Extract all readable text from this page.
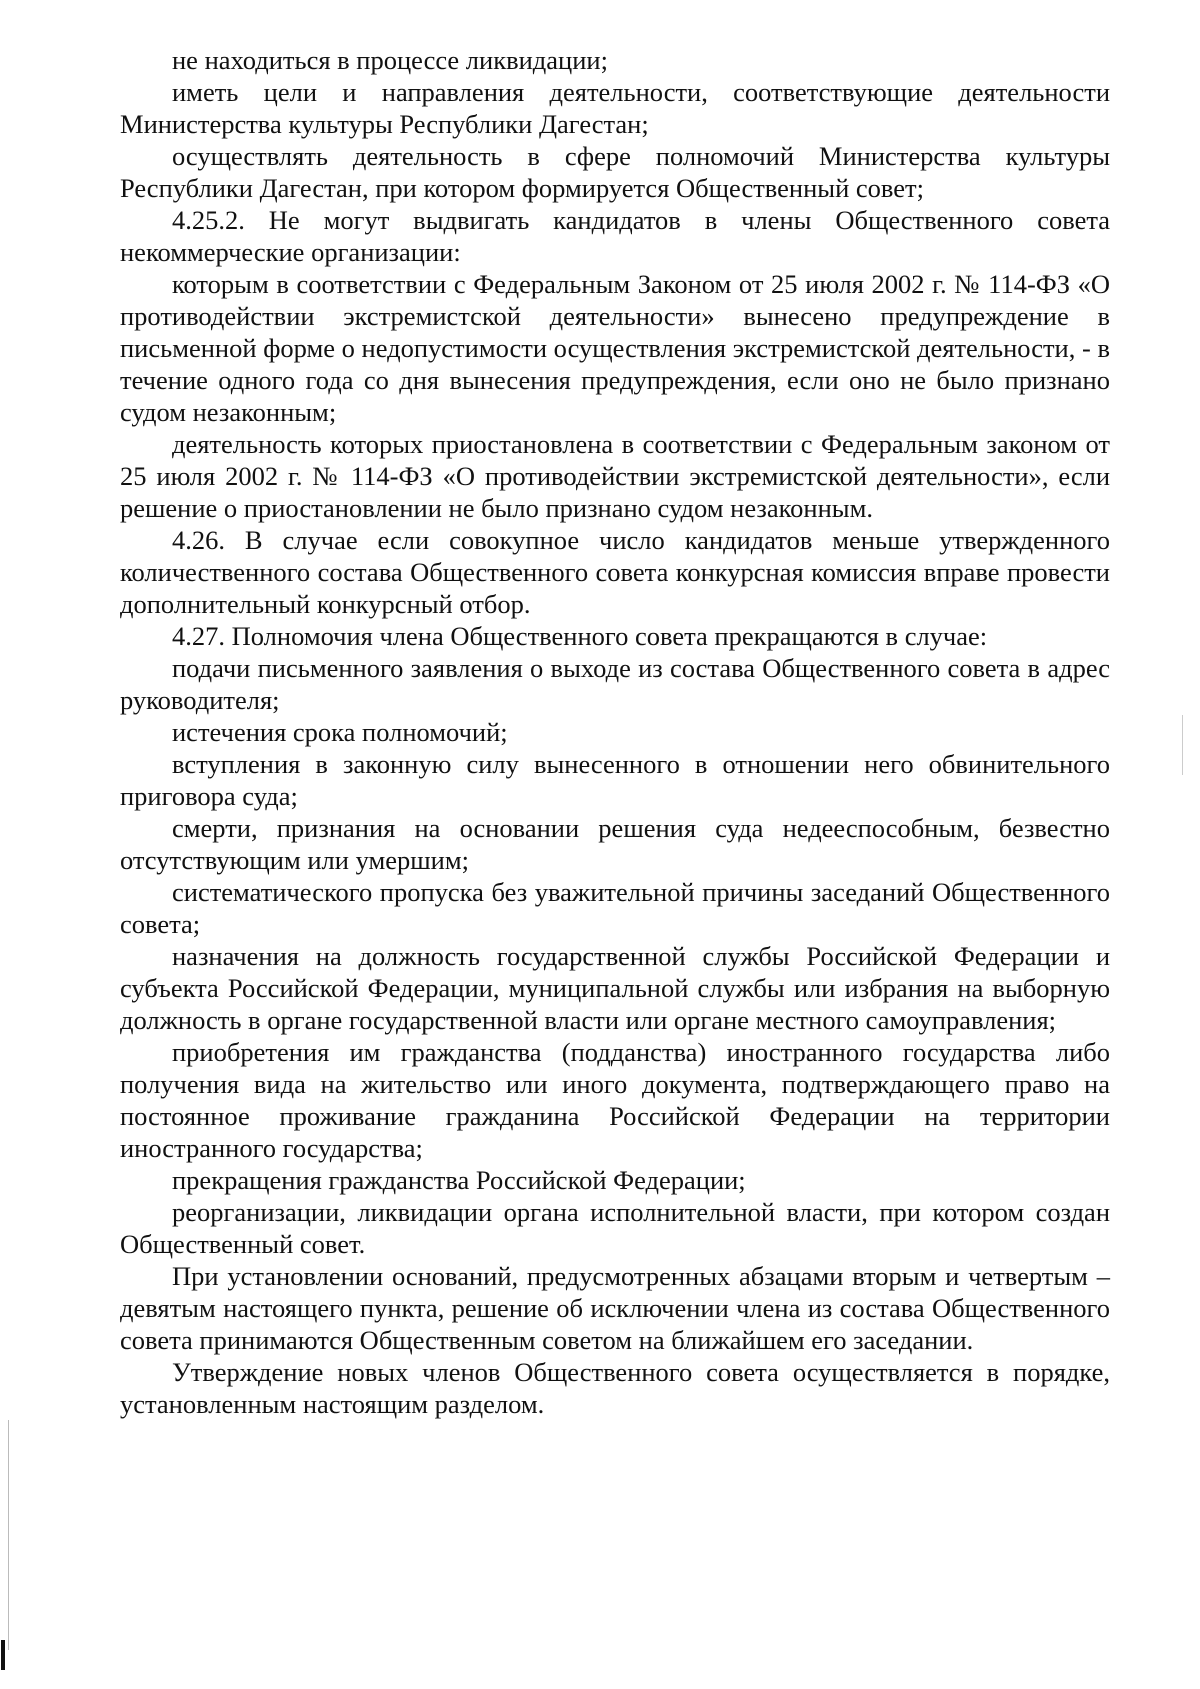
не находиться в процессе ликвидации;

иметь цели и направления деятельности, соответствующие деятельности Министерства культуры Республики Дагестан;

осуществлять деятельность в сфере полномочий Министерства культуры Республики Дагестан, при котором формируется Общественный совет;

4.25.2. Не могут выдвигать кандидатов в члены Общественного совета некоммерческие организации:

которым в соответствии с Федеральным Законом от 25 июля 2002 г. № 114-ФЗ «О противодействии экстремистской деятельности» вынесено предупреждение в письменной форме о недопустимости осуществления экстремистской деятельности, - в течение одного года со дня вынесения предупреждения, если оно не было признано судом незаконным;

деятельность которых приостановлена в соответствии с Федеральным законом от 25 июля 2002 г. № 114-ФЗ «О противодействии экстремистской деятельности», если решение о приостановлении не было признано судом незаконным.

4.26. В случае если совокупное число кандидатов меньше утвержденного количественного состава Общественного совета конкурсная комиссия вправе провести дополнительный конкурсный отбор.

4.27. Полномочия члена Общественного совета прекращаются в случае:

подачи письменного заявления о выходе из состава Общественного совета в адрес руководителя;

истечения срока полномочий;

вступления в законную силу вынесенного в отношении него обвинительного приговора суда;

смерти, признания на основании решения суда недееспособным, безвестно отсутствующим или умершим;

систематического пропуска без уважительной причины заседаний Общественного совета;

назначения на должность государственной службы Российской Федерации и субъекта Российской Федерации, муниципальной службы или избрания на выборную должность в органе государственной власти или органе местного самоуправления;

приобретения им гражданства (подданства) иностранного государства либо получения вида на жительство или иного документа, подтверждающего право на постоянное проживание гражданина Российской Федерации на территории иностранного государства;

прекращения гражданства Российской Федерации;

реорганизации, ликвидации органа исполнительной власти, при котором создан Общественный совет.

При установлении оснований, предусмотренных абзацами вторым и четвертым – девятым настоящего пункта, решение об исключении члена из состава Общественного совета принимаются Общественным советом на ближайшем его заседании.

Утверждение новых членов Общественного совета осуществляется в порядке, установленным настоящим разделом.
